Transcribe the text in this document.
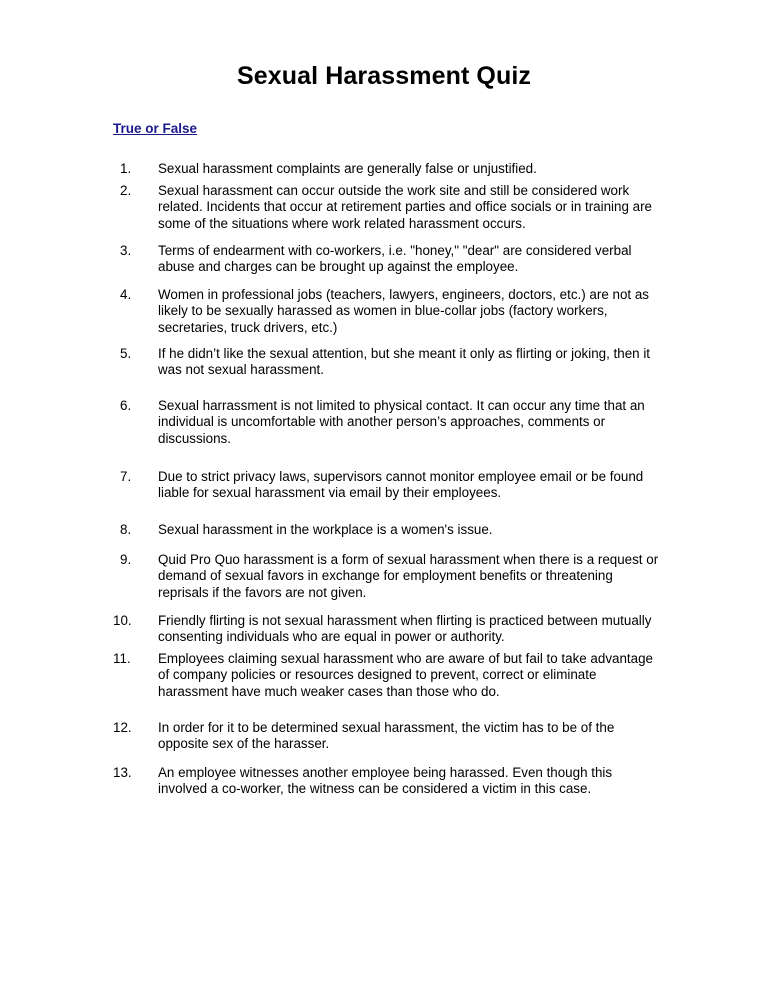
Sexual Harassment Quiz
True or False
1.	Sexual harassment complaints are generally false or unjustified.
2.	Sexual harassment can occur outside the work site and still be considered work related. Incidents that occur at retirement parties and office socials or in training are some of the situations where work related harassment occurs.
3.	Terms of endearment with co-workers, i.e. "honey," "dear" are considered verbal abuse and charges can be brought up against the employee.
4.	Women in professional jobs (teachers, lawyers, engineers, doctors, etc.) are not as likely to be sexually harassed as women in blue-collar jobs (factory workers, secretaries, truck drivers, etc.)
5.	If he didn’t like the sexual attention, but she meant it only as flirting or joking, then it was not sexual harassment.
6.	Sexual harrassment is not limited to physical contact. It can occur any time that an individual is uncomfortable with another person’s approaches, comments or discussions.
7.	Due to strict privacy laws, supervisors cannot monitor employee email or be found liable for sexual harassment via email by their employees.
8.	Sexual harassment in the workplace is a women's issue.
9.	Quid Pro Quo harassment is a form of sexual harassment when there is a request or demand of sexual favors in exchange for employment benefits or threatening reprisals if the favors are not given.
10.	Friendly flirting is not sexual harassment when flirting is practiced between mutually consenting individuals who are equal in power or authority.
11.	Employees claiming sexual harassment who are aware of but fail to take advantage of company policies or resources designed to prevent, correct or eliminate harassment have much weaker cases than those who do.
12.	In order for it to be determined sexual harassment, the victim has to be of the opposite sex of the harasser.
13.	An employee witnesses another employee being harassed. Even though this involved a co-worker, the witness can be considered a victim in this case.
